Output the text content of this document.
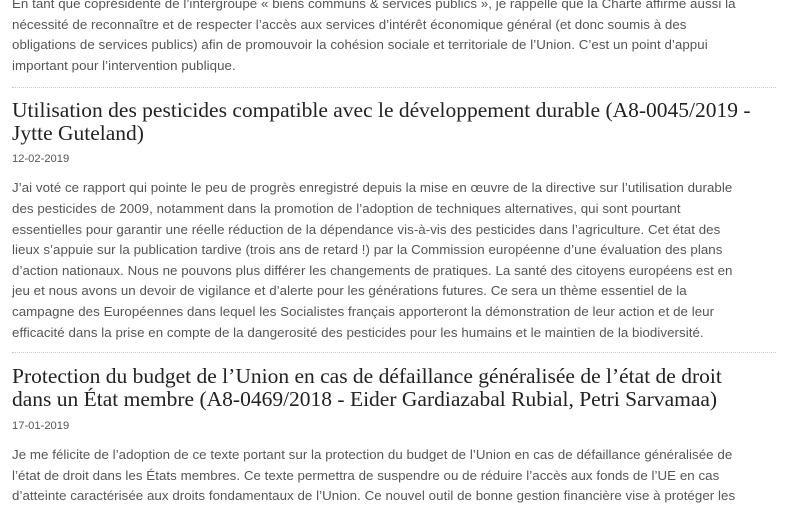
En tant que coprésidente de l’intergroupe « biens communs & services publics », je rappelle que la Charte affirme aussi la
nécessité de reconnaître et de respecter l’accès aux services d’intérêt économique général (et donc soumis à des
obligations de services publics) afin de promouvoir la cohésion sociale et territoriale de l’Union. C’est un point d’appui
important pour l’intervention publique.

Utilisation des pesticides compatible avec le développement durable (A8-0045/2019 -
Jytte Guteland)
12-02-2019

J’ai voté ce rapport qui pointe le peu de progrès enregistré depuis la mise en œuvre de la directive sur l’utilisation durable
des pesticides de 2009, notamment dans la promotion de l’adoption de techniques alternatives, qui sont pourtant
essentielles pour garantir une réelle réduction de la dépendance vis-à-vis des pesticides dans l’agriculture. Cet état des
lieux s’appuie sur la publication tardive (trois ans de retard !) par la Commission européenne d’une évaluation des plans
d’action nationaux. Nous ne pouvons plus différer les changements de pratiques. La santé des citoyens européens est en
jeu et nous avons un devoir de vigilance et d’alerte pour les générations futures. Ce sera un thème essentiel de la
campagne des Européennes dans lequel les Socialistes français apporteront la démonstration de leur action et de leur
efficacité dans la prise en compte de la dangerosité des pesticides pour les humains et le maintien de la biodiversité.

Protection du budget de l’Union en cas de défaillance généralisée de l’état de droit
dans un État membre (A8-0469/2018 - Eider Gardiazabal Rubial, Petri Sarvamaa)
17-01-2019

Je me félicite de l’adoption de ce texte portant sur la protection du budget de l’Union en cas de défaillance généralisée de
l’état de droit dans les États membres. Ce texte permettra de suspendre ou de réduire l’accès aux fonds de l’UE en cas
d’atteinte caractérisée aux droits fondamentaux de l’Union. Ce nouvel outil de bonne gestion financière vise à protéger les
